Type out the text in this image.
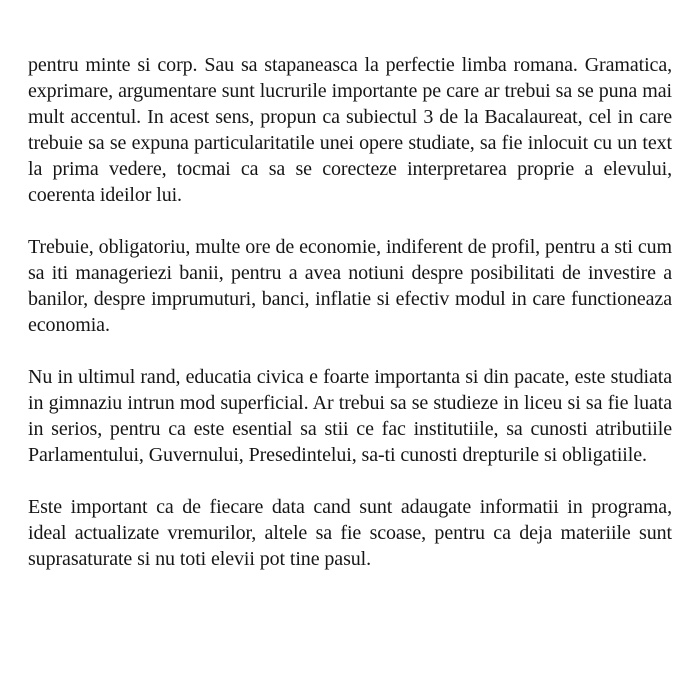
pentru minte si corp. Sau sa stapaneasca la perfectie limba romana. Gramatica, exprimare, argumentare sunt lucrurile importante pe care ar trebui sa se puna mai mult accentul. In acest sens, propun ca subiectul 3 de la Bacalaureat, cel in care trebuie sa se expuna particularitatile unei opere studiate, sa fie inlocuit cu un text la prima vedere, tocmai ca sa se corecteze interpretarea proprie a elevului, coerenta ideilor lui.

Trebuie, obligatoriu, multe ore de economie, indiferent de profil, pentru a sti cum sa iti manageriezi banii, pentru a avea notiuni despre posibilitati de investire a banilor, despre imprumuturi, banci, inflatie si efectiv modul in care functioneaza economia.

Nu in ultimul rand, educatia civica e foarte importanta si din pacate, este studiata in gimnaziu intrun mod superficial. Ar trebui sa se studieze in liceu si sa fie luata in serios, pentru ca este esential sa stii ce fac institutiile, sa cunosti atributiile Parlamentului, Guvernului, Presedintelui, sa-ti cunosti drepturile si obligatiile.

Este important ca de fiecare data cand sunt adaugate informatii in programa, ideal actualizate vremurilor, altele sa fie scoase, pentru ca deja materiile sunt suprasaturate si nu toti elevii pot tine pasul.
